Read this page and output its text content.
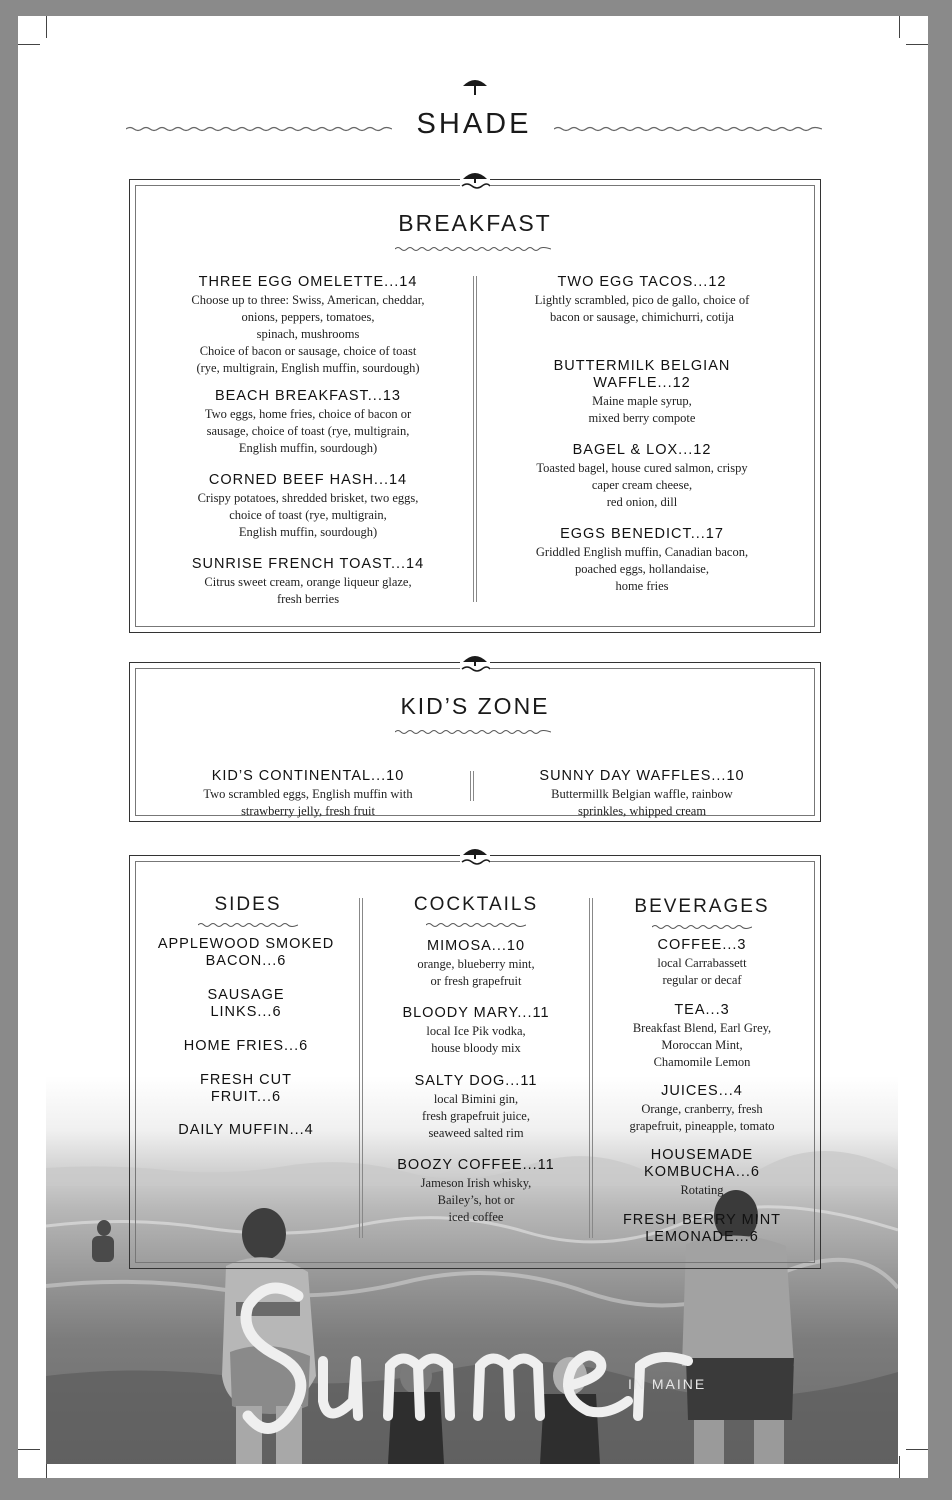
SHADE
BREAKFAST
THREE EGG OMELETTE...14
Choose up to three: Swiss, American, cheddar,
onions, peppers, tomatoes,
spinach, mushrooms
Choice of bacon or sausage, choice of toast
(rye, multigrain, English muffin, sourdough)
BEACH BREAKFAST...13
Two eggs, home fries, choice of bacon or
sausage, choice of toast (rye, multigrain,
English muffin, sourdough)
CORNED BEEF HASH...14
Crispy potatoes, shredded brisket, two eggs,
choice of toast (rye, multigrain,
English muffin, sourdough)
SUNRISE FRENCH TOAST...14
Citrus sweet cream, orange liqueur glaze,
fresh berries
TWO EGG TACOS...12
Lightly scrambled, pico de gallo, choice of
bacon or sausage, chimichurri, cotija
BUTTERMILK BELGIAN WAFFLE...12
Maine maple syrup,
mixed berry compote
BAGEL & LOX...12
Toasted bagel, house cured salmon, crispy
caper cream cheese,
red onion, dill
EGGS BENEDICT...17
Griddled English muffin, Canadian bacon,
poached eggs, hollandaise,
home fries
KID’S ZONE
KID’S CONTINENTAL...10
Two scrambled eggs, English muffin with
strawberry jelly, fresh fruit
SUNNY DAY WAFFLES...10
Buttermillk Belgian waffle, rainbow
sprinkles, whipped cream
SIDES
APPLEWOOD SMOKED BACON...6
SAUSAGE LINKS...6
HOME FRIES...6
FRESH CUT FRUIT...6
DAILY MUFFIN...4
COCKTAILS
MIMOSA...10
orange, blueberry mint,
or fresh grapefruit
BLOODY MARY...11
local Ice Pik vodka,
house bloody mix
SALTY DOG...11
local Bimini gin,
fresh grapefruit juice,
seaweed salted rim
BOOZY COFFEE...11
Jameson Irish whisky,
Bailey’s, hot or
iced coffee
BEVERAGES
COFFEE...3
local Carrabassett
regular or decaf
TEA...3
Breakfast Blend, Earl Grey,
Moroccan Mint,
Chamomile Lemon
JUICES...4
Orange, cranberry, fresh
grapefruit, pineapple, tomato
HOUSEMADE KOMBUCHA...6
Rotating
FRESH BERRY MINT LEMONADE...6
IN MAINE
